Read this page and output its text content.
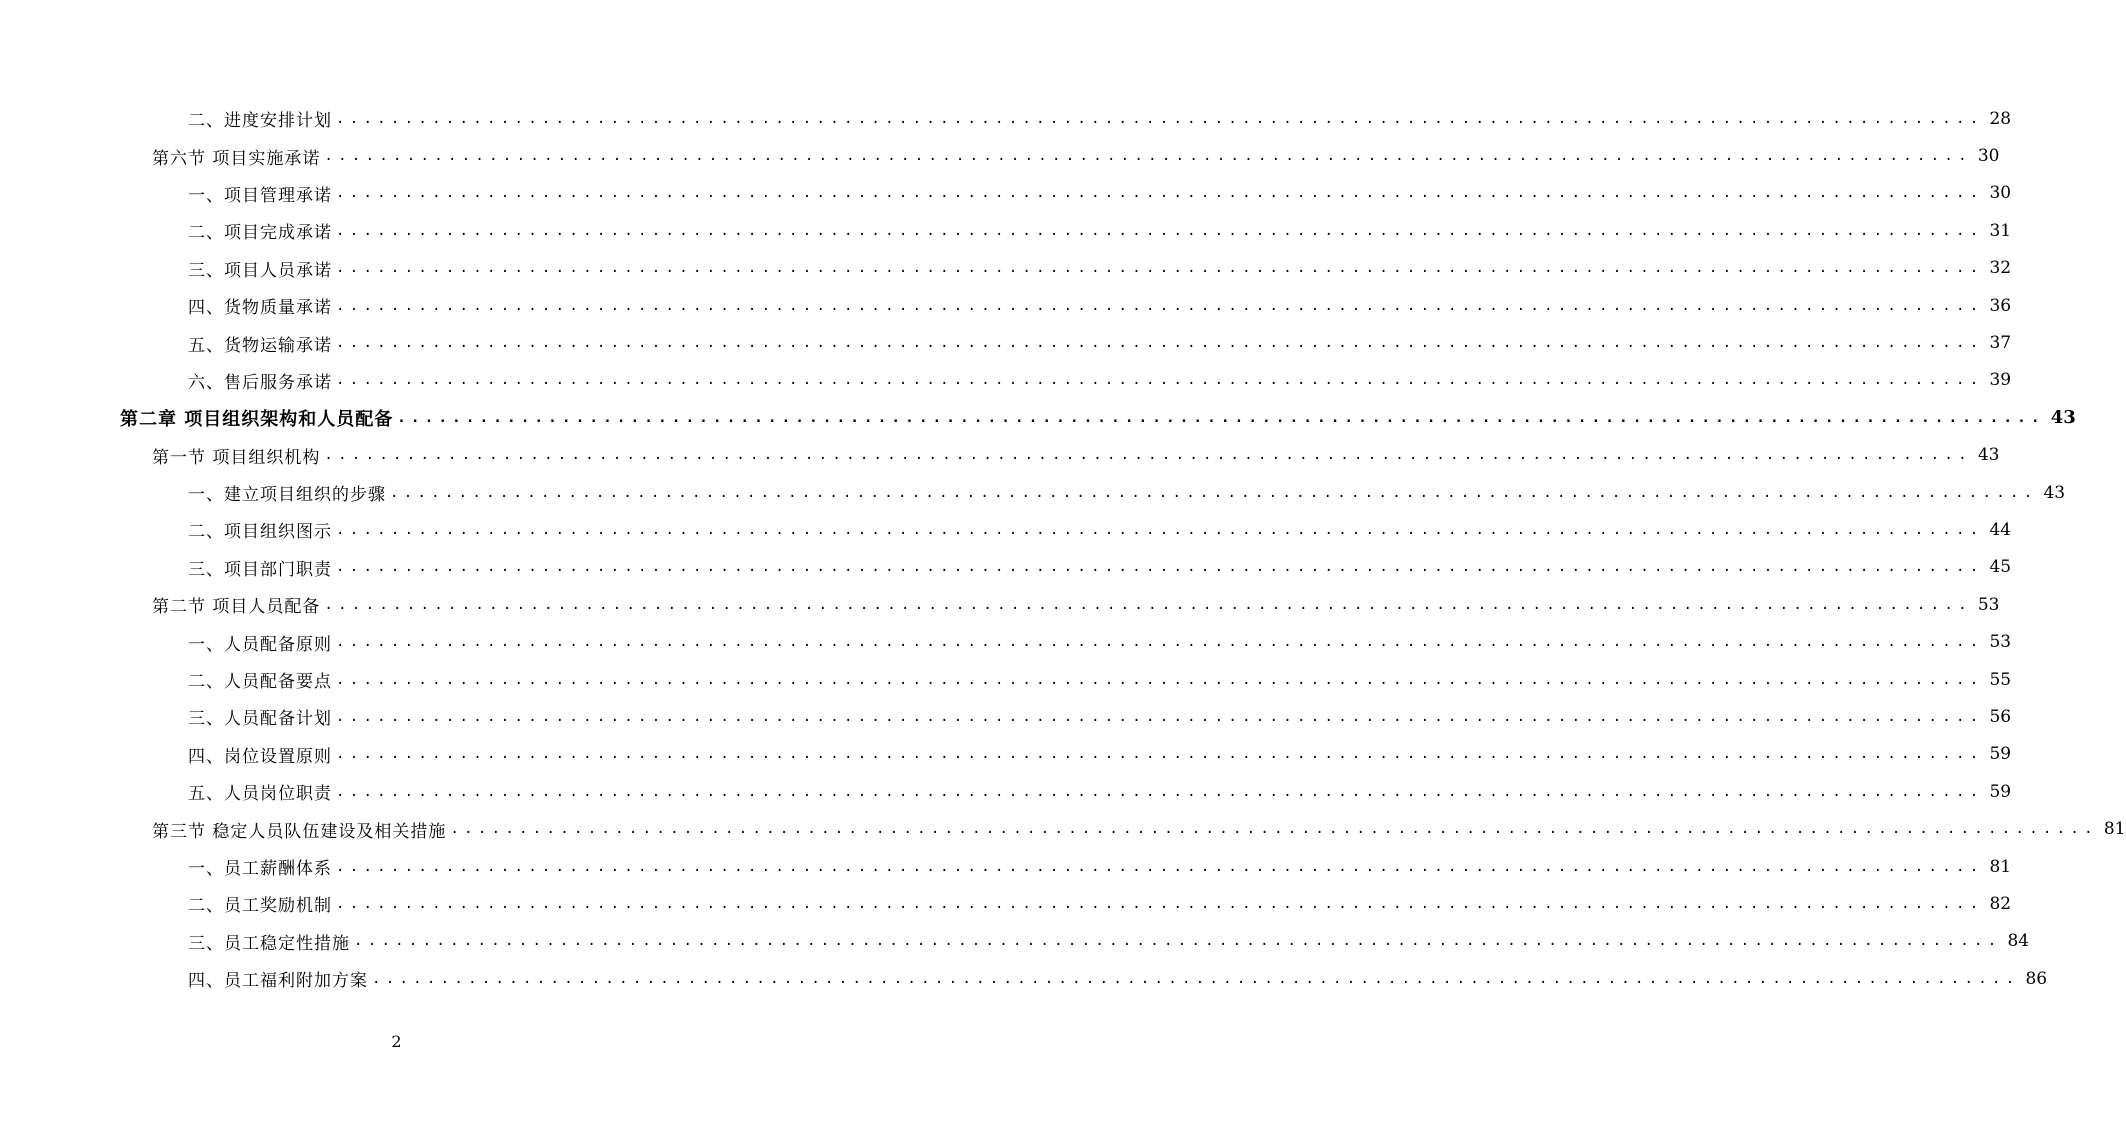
二、进度安排计划 ........................................................................................................................ 28
第六节 项目实施承诺 ........................................................................................................................ 30
一、项目管理承诺 ........................................................................................................................ 30
二、项目完成承诺 ........................................................................................................................ 31
三、项目人员承诺 ........................................................................................................................ 32
四、货物质量承诺 ........................................................................................................................ 36
五、货物运输承诺 ........................................................................................................................ 37
六、售后服务承诺 ........................................................................................................................ 39
第二章 项目组织架构和人员配备 ........................................................................................................................ 43
第一节 项目组织机构 ........................................................................................................................ 43
一、建立项目组织的步骤 ........................................................................................................................ 43
二、项目组织图示 ........................................................................................................................ 44
三、项目部门职责 ........................................................................................................................ 45
第二节 项目人员配备 ........................................................................................................................ 53
一、人员配备原则 ........................................................................................................................ 53
二、人员配备要点 ........................................................................................................................ 55
三、人员配备计划 ........................................................................................................................ 56
四、岗位设置原则 ........................................................................................................................ 59
五、人员岗位职责 ........................................................................................................................ 59
第三节 稳定人员队伍建设及相关措施 ........................................................................................................................ 81
一、员工薪酬体系 ........................................................................................................................ 81
二、员工奖励机制 ........................................................................................................................ 82
三、员工稳定性措施 ........................................................................................................................ 84
四、员工福利附加方案 ........................................................................................................................ 86
2
